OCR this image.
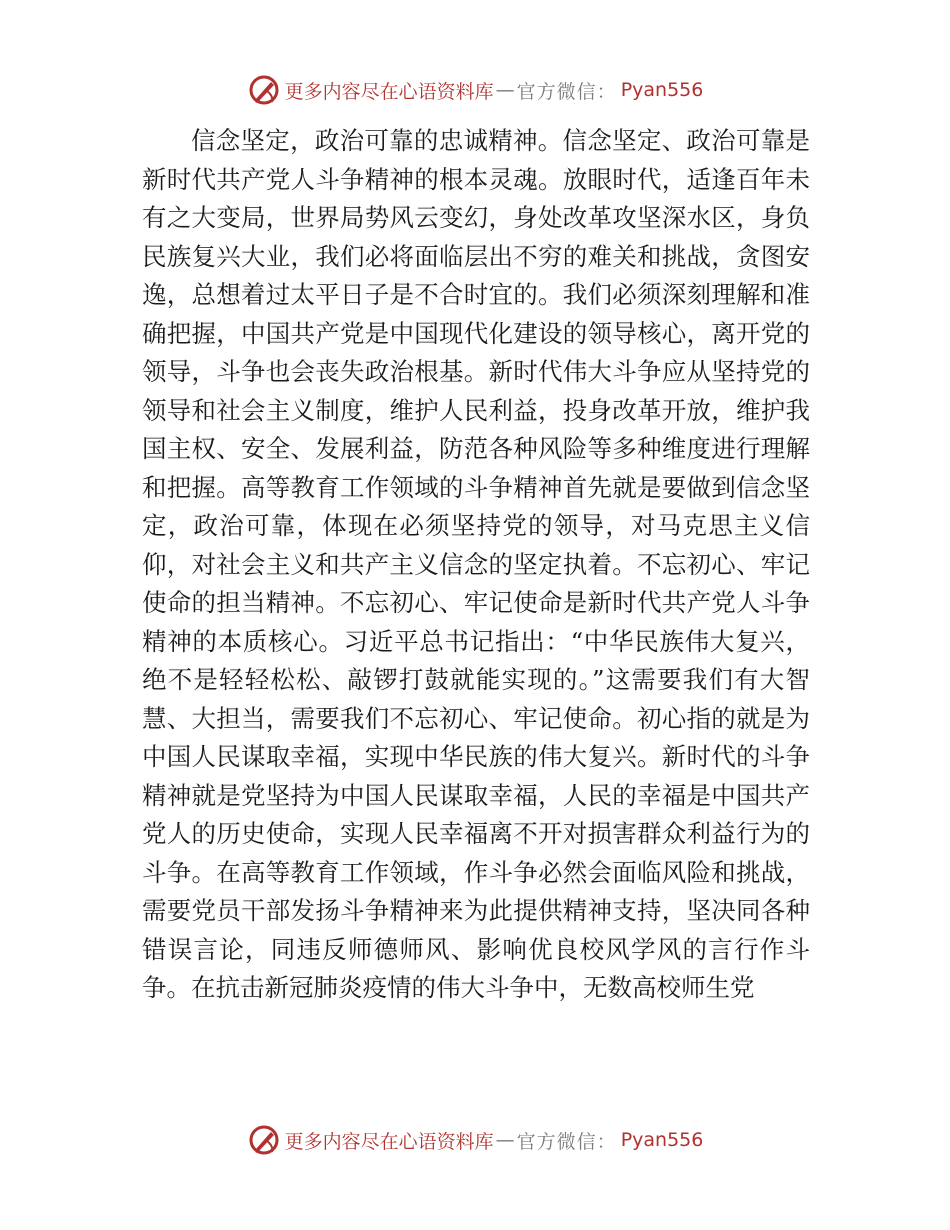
更多内容尽在心语资料库 — 官方微信： Pyan556

信念坚定，政治可靠的忠诚精神。信念坚定、政治可靠是新时代共产党人斗争精神的根本灵魂。放眼时代，适逢百年未有之大变局，世界局势风云变幻，身处改革攻坚深水区，身负民族复兴大业，我们必将面临层出不穷的难关和挑战，贪图安逸，总想着过太平日子是不合时宜的。我们必须深刻理解和准确把握，中国共产党是中国现代化建设的领导核心，离开党的领导，斗争也会丧失政治根基。新时代伟大斗争应从坚持党的领导和社会主义制度，维护人民利益，投身改革开放，维护我国主权、安全、发展利益，防范各种风险等多种维度进行理解和把握。高等教育工作领域的斗争精神首先就是要做到信念坚定，政治可靠，体现在必须坚持党的领导，对马克思主义信仰，对社会主义和共产主义信念的坚定执着。不忘初心、牢记使命的担当精神。不忘初心、牢记使命是新时代共产党人斗争精神的本质核心。习近平总书记指出：“中华民族伟大复兴，绝不是轻轻松松、敲锣打鼓就能实现的。”这需要我们有大智慧、大担当，需要我们不忘初心、牢记使命。初心指的就是为中国人民谋取幸福，实现中华民族的伟大复兴。新时代的斗争精神就是党坚持为中国人民谋取幸福，人民的幸福是中国共产党人的历史使命，实现人民幸福离不开对损害群众利益行为的斗争。在高等教育工作领域，作斗争必然会面临风险和挑战，需要党员干部发扬斗争精神来为此提供精神支持，坚决同各种错误言论，同违反师德师风、影响优良校风学风的言行作斗争。在抗击新冠肺炎疫情的伟大斗争中，无数高校师生党

更多内容尽在心语资料库 — 官方微信： Pyan556
